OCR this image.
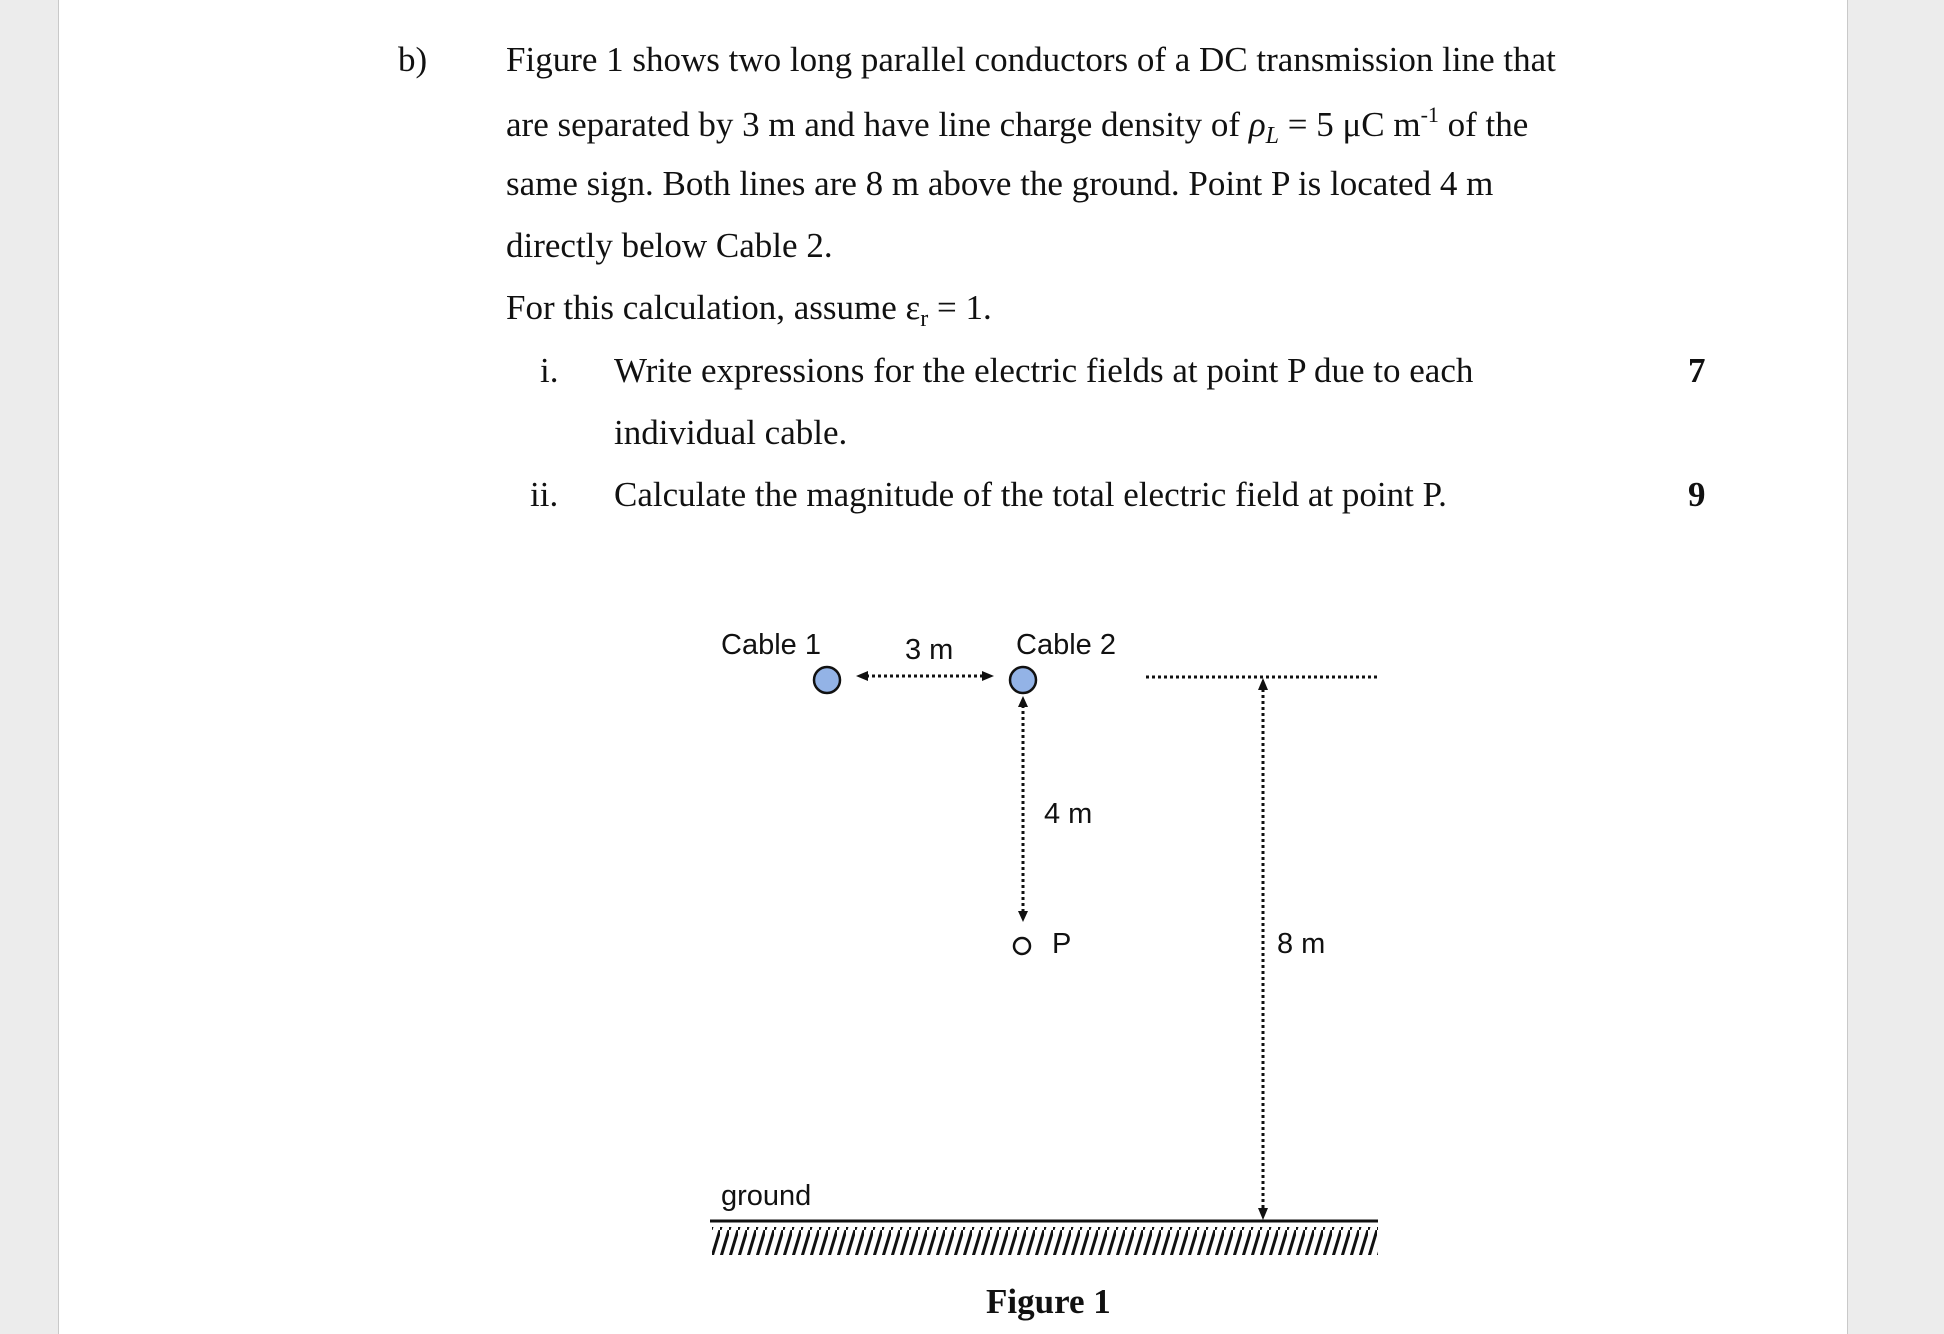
b) Figure 1 shows two long parallel conductors of a DC transmission line that
are separated by 3 m and have line charge density of $\rho_L = 5$ μC $m^{-1}$ of the
same sign. Both lines are 8 m above the ground. Point P is located 4 m
directly below Cable 2.
For this calculation, assume $\varepsilon_r = 1$.
i. Write expressions for the electric fields at point P due to each
individual cable.
7
ii. Calculate the magnitude of the total electric field at point P.	9
Cable 1	3 m Cable 2
4 m
P	8 m
ground
Figure 1
